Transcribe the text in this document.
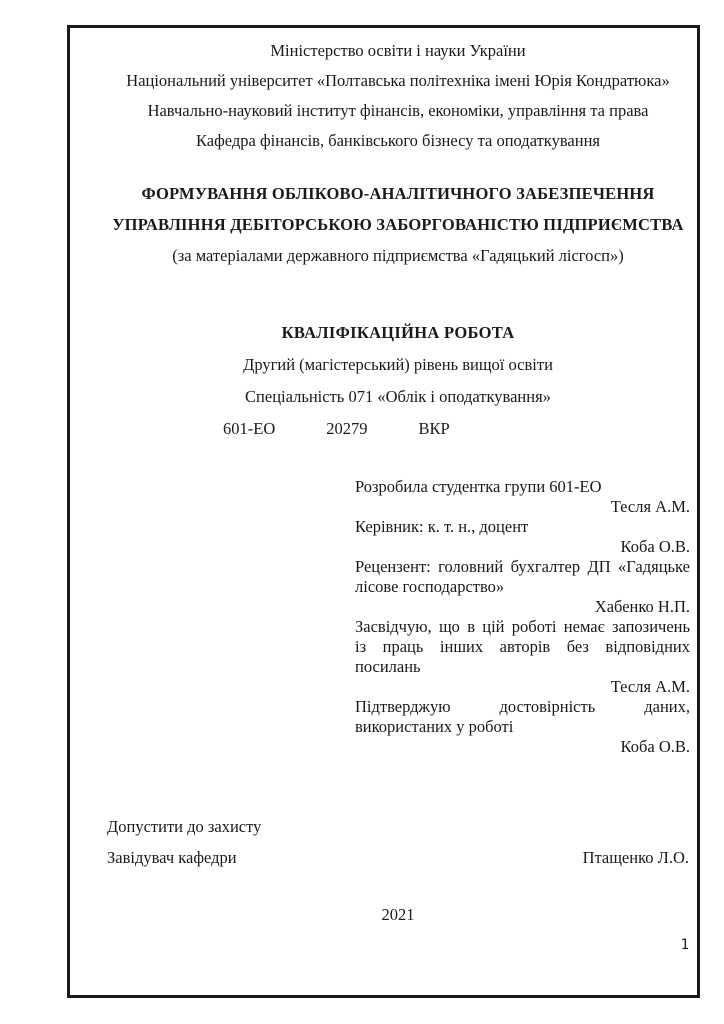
Міністерство освіти і науки України
Національний університет «Полтавська політехніка імені Юрія Кондратюка»
Навчально-науковий інститут фінансів, економіки, управління та права
Кафедра фінансів, банківського бізнесу та оподаткування
ФОРМУВАННЯ ОБЛІКОВО-АНАЛІТИЧНОГО ЗАБЕЗПЕЧЕННЯ
УПРАВЛІННЯ ДЕБІТОРСЬКОЮ ЗАБОРГОВАНІСТЮ ПІДПРИЄМСТВА
(за матеріалами державного підприємства «Гадяцький лісгосп»)
КВАЛІФІКАЦІЙНА РОБОТА
Другий (магістерський) рівень вищої освіти
Спеціальність 071 «Облік і оподаткування»
601-ЕО	20279	ВКР
Розробила студентка групи 601-ЕО
Тесля А.М.
Керівник: к. т. н., доцент
Коба О.В.
Рецензент: головний бухгалтер ДП «Гадяцьке
лісове господарство»
Хабенко Н.П.
Засвідчую, що в цій роботі немає запозичень
із праць інших авторів без відповідних
посилань
Тесля А.М.
Підтверджую достовірність даних,
використаних у роботі
Коба О.В.
Допустити до захисту
Завідувач кафедри	Птащенко Л.О.
2021
1
